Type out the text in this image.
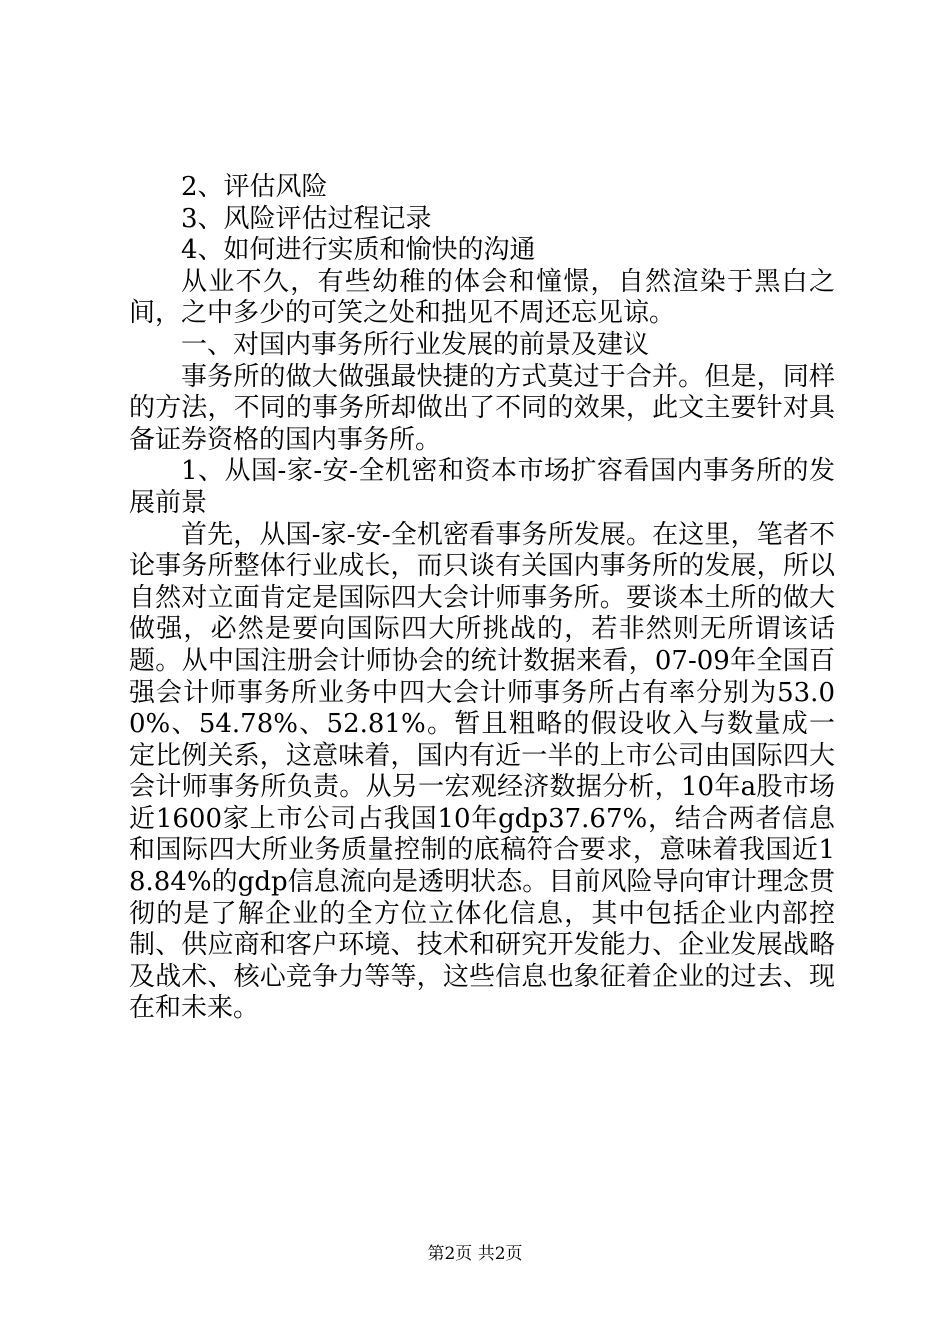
2、评估风险

3、风险评估过程记录

4、如何进行实质和愉快的沟通

从业不久，有些幼稚的体会和憧憬，自然渲染于黑白之间，之中多少的可笑之处和拙见不周还忘见谅。

一、对国内事务所行业发展的前景及建议

事务所的做大做强最快捷的方式莫过于合并。但是，同样的方法，不同的事务所却做出了不同的效果，此文主要针对具备证券资格的国内事务所。

1、从国-家-安-全机密和资本市场扩容看国内事务所的发展前景

首先，从国-家-安-全机密看事务所发展。在这里，笔者不论事务所整体行业成长，而只谈有关国内事务所的发展，所以自然对立面肯定是国际四大会计师事务所。要谈本土所的做大做强，必然是要向国际四大所挑战的，若非然则无所谓该话题。从中国注册会计师协会的统计数据来看，07-09年全国百强会计师事务所业务中四大会计师事务所占有率分别为53.00%、54.78%、52.81%。暂且粗略的假设收入与数量成一定比例关系，这意味着，国内有近一半的上市公司由国际四大会计师事务所负责。从另一宏观经济数据分析，10年a股市场近1600家上市公司占我国10年gdp37.67%，结合两者信息和国际四大所业务质量控制的底稿符合要求，意味着我国近18.84%的gdp信息流向是透明状态。目前风险导向审计理念贯彻的是了解企业的全方位立体化信息，其中包括企业内部控制、供应商和客户环境、技术和研究开发能力、企业发展战略及战术、核心竞争力等等，这些信息也象征着企业的过去、现在和未来。

第2页 共2页
